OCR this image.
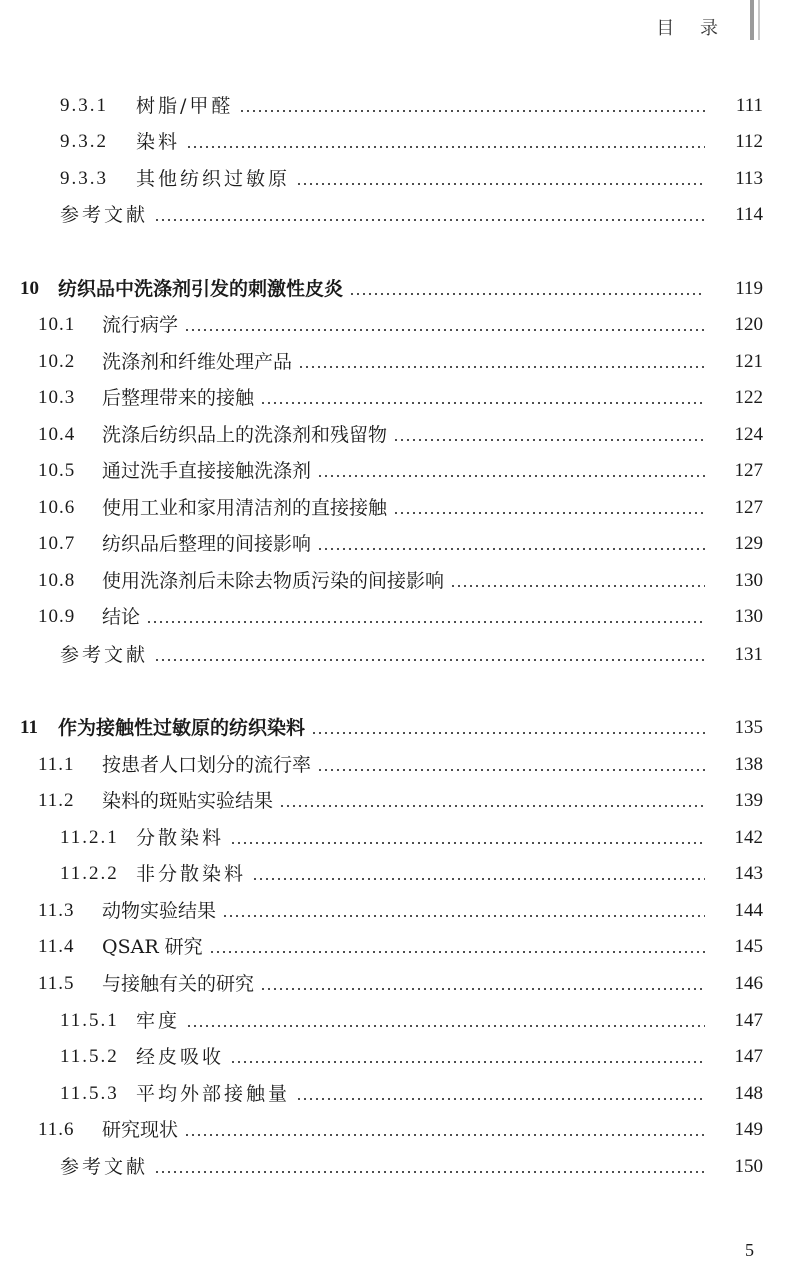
目 录
9.3.1	树脂/甲醛	111
9.3.2	染料	112
9.3.3	其他纺织过敏原	113
参考文献	114
10	纺织品中洗涤剂引发的刺激性皮炎	119
10.1	流行病学	120
10.2	洗涤剂和纤维处理产品	121
10.3	后整理带来的接触	122
10.4	洗涤后纺织品上的洗涤剂和残留物	124
10.5	通过洗手直接接触洗涤剂	127
10.6	使用工业和家用清洁剂的直接接触	127
10.7	纺织品后整理的间接影响	129
10.8	使用洗涤剂后未除去物质污染的间接影响	130
10.9	结论	130
参考文献	131
11	作为接触性过敏原的纺织染料	135
11.1	按患者人口划分的流行率	138
11.2	染料的斑贴实验结果	139
11.2.1 分散染料	142
11.2.2 非分散染料	143
11.3	动物实验结果	144
11.4	QSAR 研究	145
11.5	与接触有关的研究	146
11.5.1 牢度	147
11.5.2 经皮吸收	147
11.5.3 平均外部接触量	148
11.6	研究现状	149
参考文献	150
5
